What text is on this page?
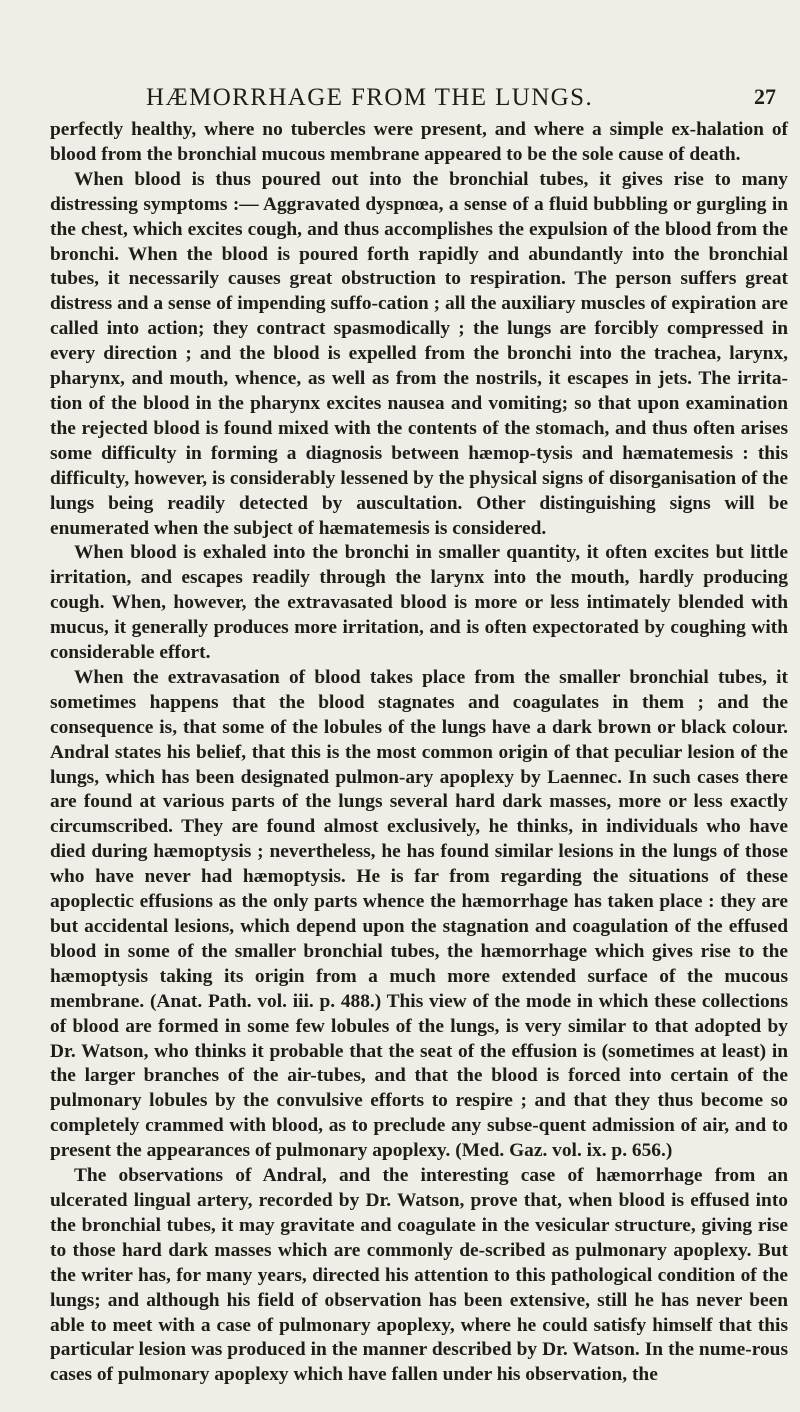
HÆMORRHAGE FROM THE LUNGS.	27

perfectly healthy, where no tubercles were present, and where a simple ex-halation of blood from the bronchial mucous membrane appeared to be the sole cause of death.

When blood is thus poured out into the bronchial tubes, it gives rise to many distressing symptoms :— Aggravated dyspnœa, a sense of a fluid bubbling or gurgling in the chest, which excites cough, and thus accomplishes the expulsion of the blood from the bronchi. When the blood is poured forth rapidly and abundantly into the bronchial tubes, it necessarily causes great obstruction to respiration. The person suffers great distress and a sense of impending suffo-cation ; all the auxiliary muscles of expiration are called into action; they contract spasmodically ; the lungs are forcibly compressed in every direction ; and the blood is expelled from the bronchi into the trachea, larynx, pharynx, and mouth, whence, as well as from the nostrils, it escapes in jets. The irrita-tion of the blood in the pharynx excites nausea and vomiting; so that upon examination the rejected blood is found mixed with the contents of the stomach, and thus often arises some difficulty in forming a diagnosis between hæmop-tysis and hæmatemesis : this difficulty, however, is considerably lessened by the physical signs of disorganisation of the lungs being readily detected by auscultation. Other distinguishing signs will be enumerated when the subject of hæmatemesis is considered.

When blood is exhaled into the bronchi in smaller quantity, it often excites but little irritation, and escapes readily through the larynx into the mouth, hardly producing cough. When, however, the extravasated blood is more or less intimately blended with mucus, it generally produces more irritation, and is often expectorated by coughing with considerable effort.

When the extravasation of blood takes place from the smaller bronchial tubes, it sometimes happens that the blood stagnates and coagulates in them ; and the consequence is, that some of the lobules of the lungs have a dark brown or black colour. Andral states his belief, that this is the most common origin of that peculiar lesion of the lungs, which has been designated pulmon-ary apoplexy by Laennec. In such cases there are found at various parts of the lungs several hard dark masses, more or less exactly circumscribed. They are found almost exclusively, he thinks, in individuals who have died during hæmoptysis ; nevertheless, he has found similar lesions in the lungs of those who have never had hæmoptysis. He is far from regarding the situations of these apoplectic effusions as the only parts whence the hæmorrhage has taken place : they are but accidental lesions, which depend upon the stagnation and coagulation of the effused blood in some of the smaller bronchial tubes, the hæmorrhage which gives rise to the hæmoptysis taking its origin from a much more extended surface of the mucous membrane. (Anat. Path. vol. iii. p. 488.) This view of the mode in which these collections of blood are formed in some few lobules of the lungs, is very similar to that adopted by Dr. Watson, who thinks it probable that the seat of the effusion is (sometimes at least) in the larger branches of the air-tubes, and that the blood is forced into certain of the pulmonary lobules by the convulsive efforts to respire ; and that they thus become so completely crammed with blood, as to preclude any subse-quent admission of air, and to present the appearances of pulmonary apoplexy. (Med. Gaz. vol. ix. p. 656.)

The observations of Andral, and the interesting case of hæmorrhage from an ulcerated lingual artery, recorded by Dr. Watson, prove that, when blood is effused into the bronchial tubes, it may gravitate and coagulate in the vesicular structure, giving rise to those hard dark masses which are commonly de-scribed as pulmonary apoplexy. But the writer has, for many years, directed his attention to this pathological condition of the lungs; and although his field of observation has been extensive, still he has never been able to meet with a case of pulmonary apoplexy, where he could satisfy himself that this particular lesion was produced in the manner described by Dr. Watson. In the nume-rous cases of pulmonary apoplexy which have fallen under his observation, the
